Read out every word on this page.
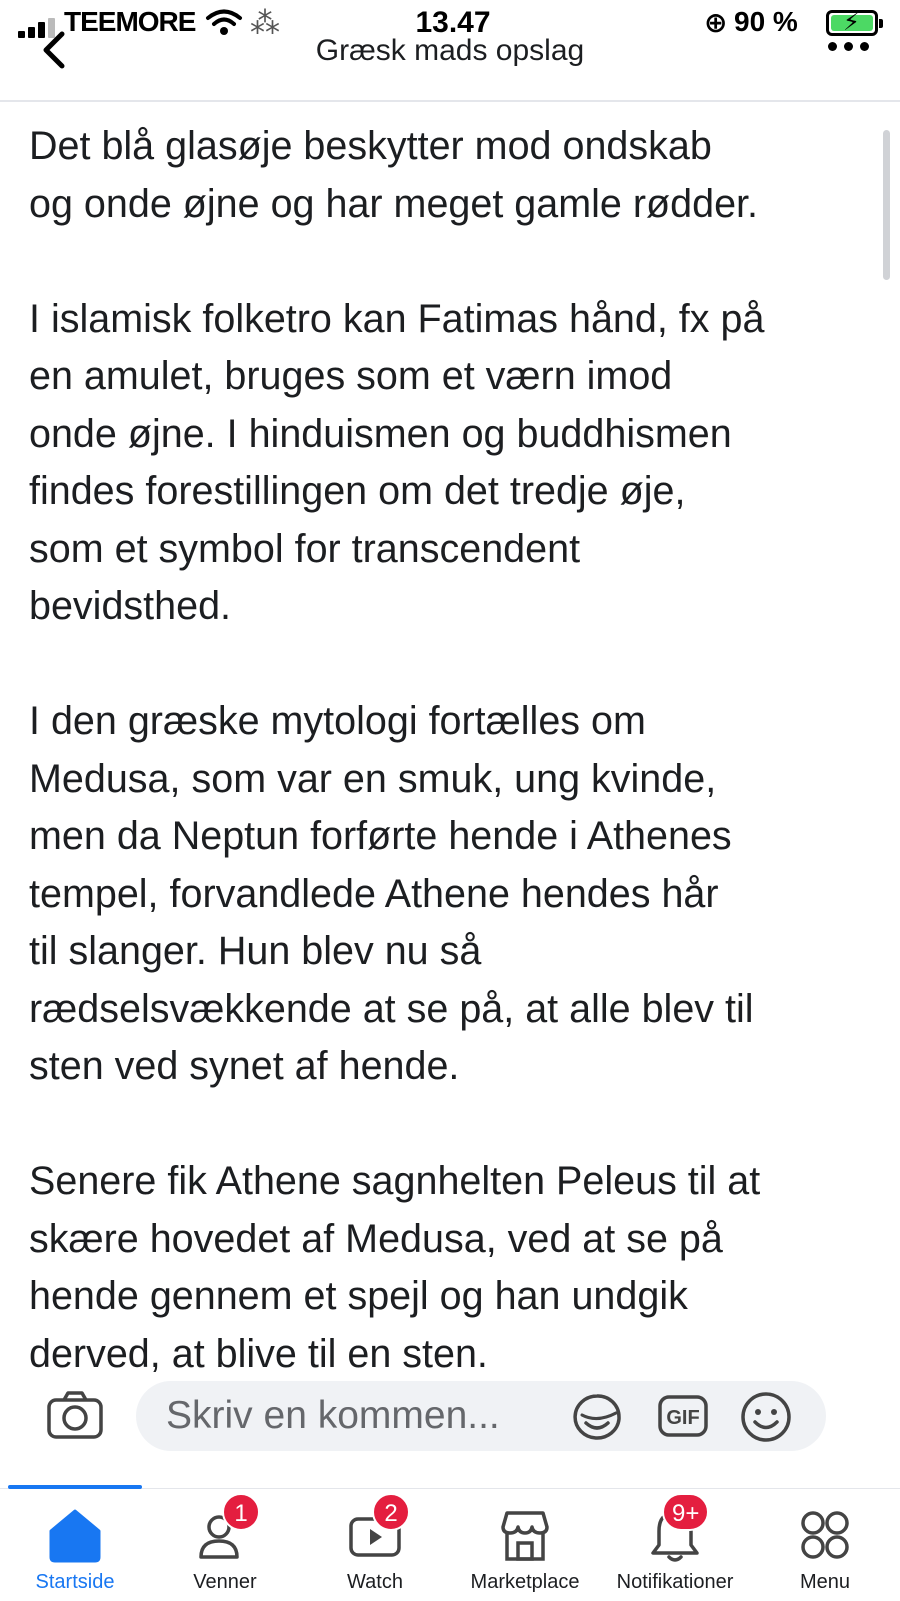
TEEMORE ⁂	13.47	⊕ 90 % ⚡
Græsk mads opslag

Det blå glasøje beskytter mod ondskab
og onde øjne og har meget gamle rødder.

I islamisk folketro kan Fatimas hånd, fx på
en amulet, bruges som et værn imod
onde øjne. I hinduismen og buddhismen
findes forestillingen om det tredje øje,
som et symbol for transcendent
bevidsthed.

I den græske mytologi fortælles om
Medusa, som var en smuk, ung kvinde,
men da Neptun forførte hende i Athenes
tempel, forvandlede Athene hendes hår
til slanger. Hun blev nu så
rædselsvækkende at se på, at alle blev til
sten ved synet af hende.

Senere fik Athene sagnhelten Peleus til at
skære hovedet af Medusa, ved at se på
hende gennem et spejl og han undgik
derved, at blive til en sten.

Skriv en kommen...	GIF
Startside
1
Venner
2
Watch	Marketplace
9+
Notifikationer	Menu
